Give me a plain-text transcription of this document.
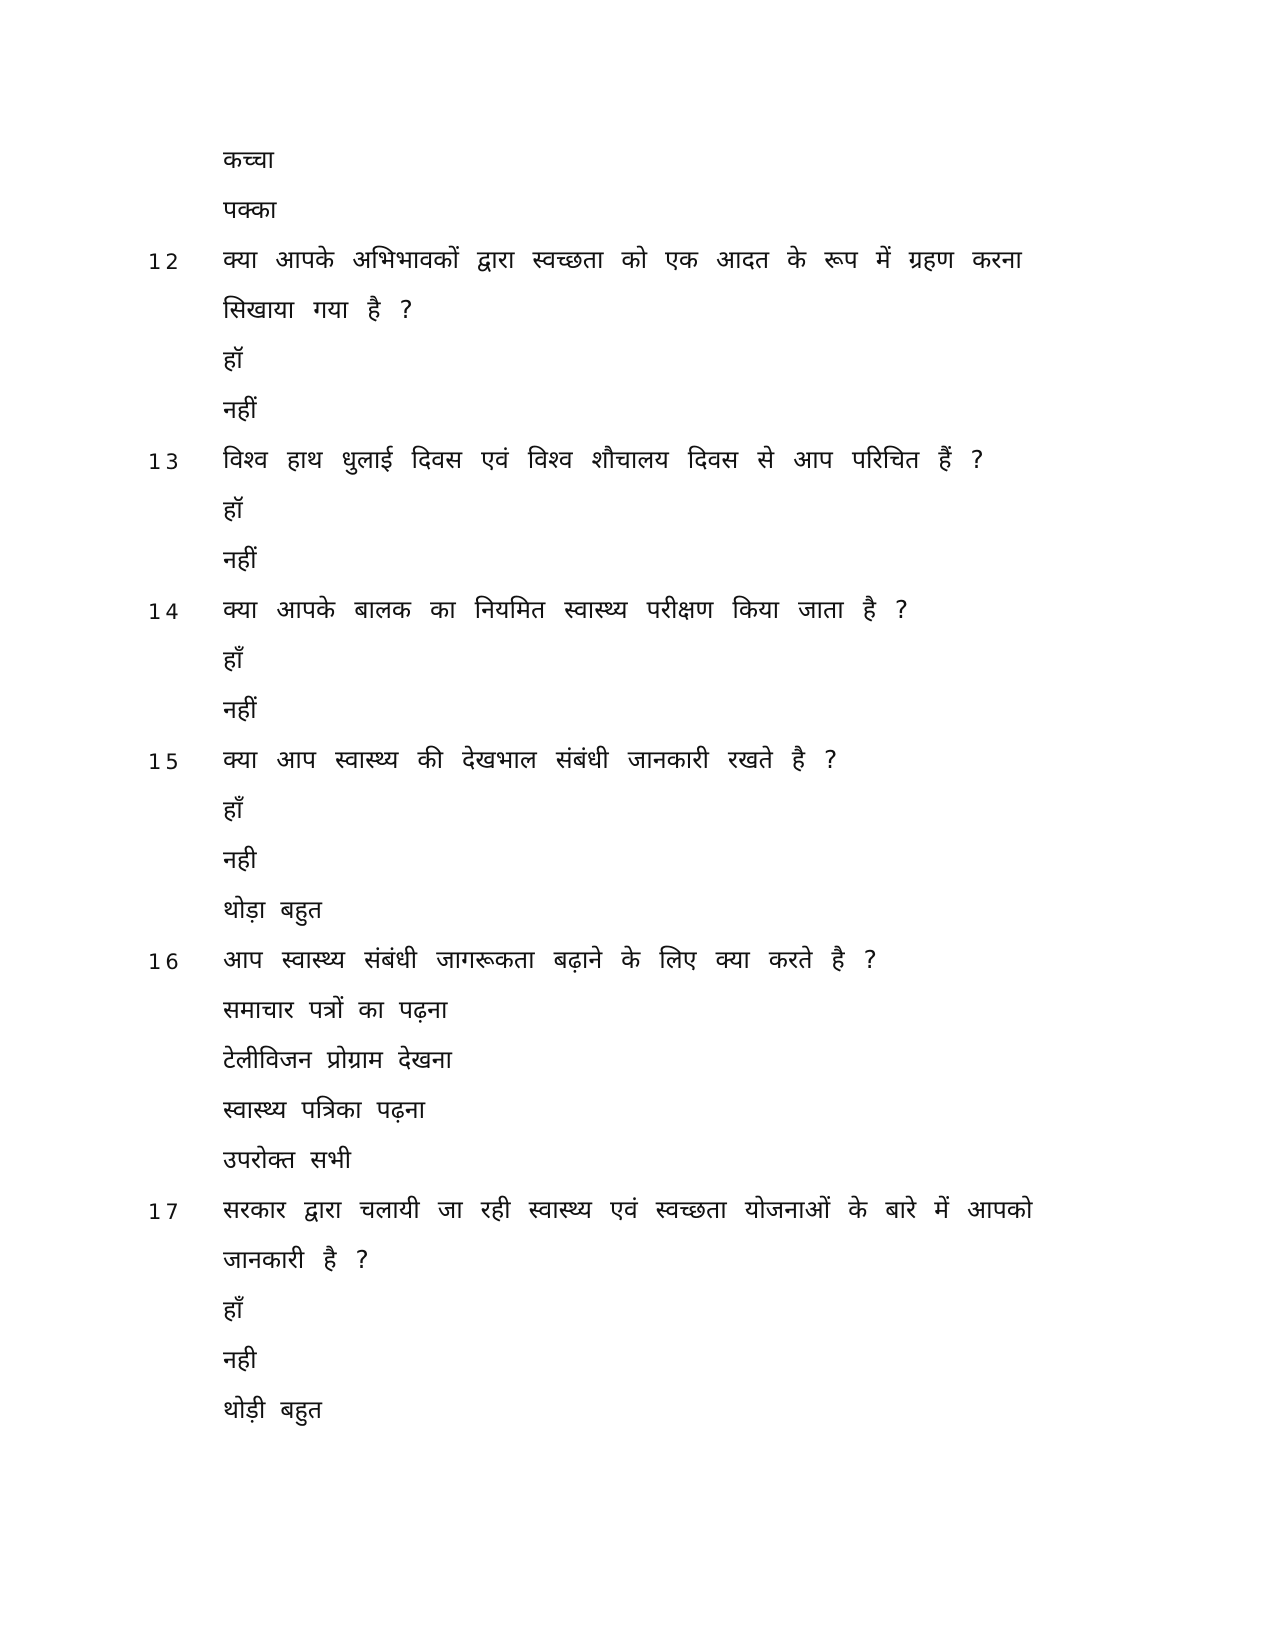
कच्चा
पक्का
12 क्या आपके अभिभावकों द्वारा स्वच्छता को एक आदत के रूप में ग्रहण करना
सिखाया गया है ?
हॉ
नहीं
13 विश्व हाथ धुलाई दिवस एवं विश्व शौचालय दिवस से आप परिचित हैं ?
हॉ
नहीं
14 क्या आपके बालक का नियमित स्वास्थ्य परीक्षण किया जाता है ?
हाँ
नहीं
15 क्या आप स्वास्थ्य की देखभाल संबंधी जानकारी रखते है ?
हाँ
नही
थोड़ा बहुत
16 आप स्वास्थ्य संबंधी जागरूकता बढ़ाने के लिए क्या करते है ?
समाचार पत्रों का पढ़ना
टेलीविजन प्रोग्राम देखना
स्वास्थ्य पत्रिका पढ़ना
उपरोक्त सभी
17 सरकार द्वारा चलायी जा रही स्वास्थ्य एवं स्वच्छता योजनाओं के बारे में आपको
जानकारी है ?
हाँ
नही
थोड़ी बहुत
